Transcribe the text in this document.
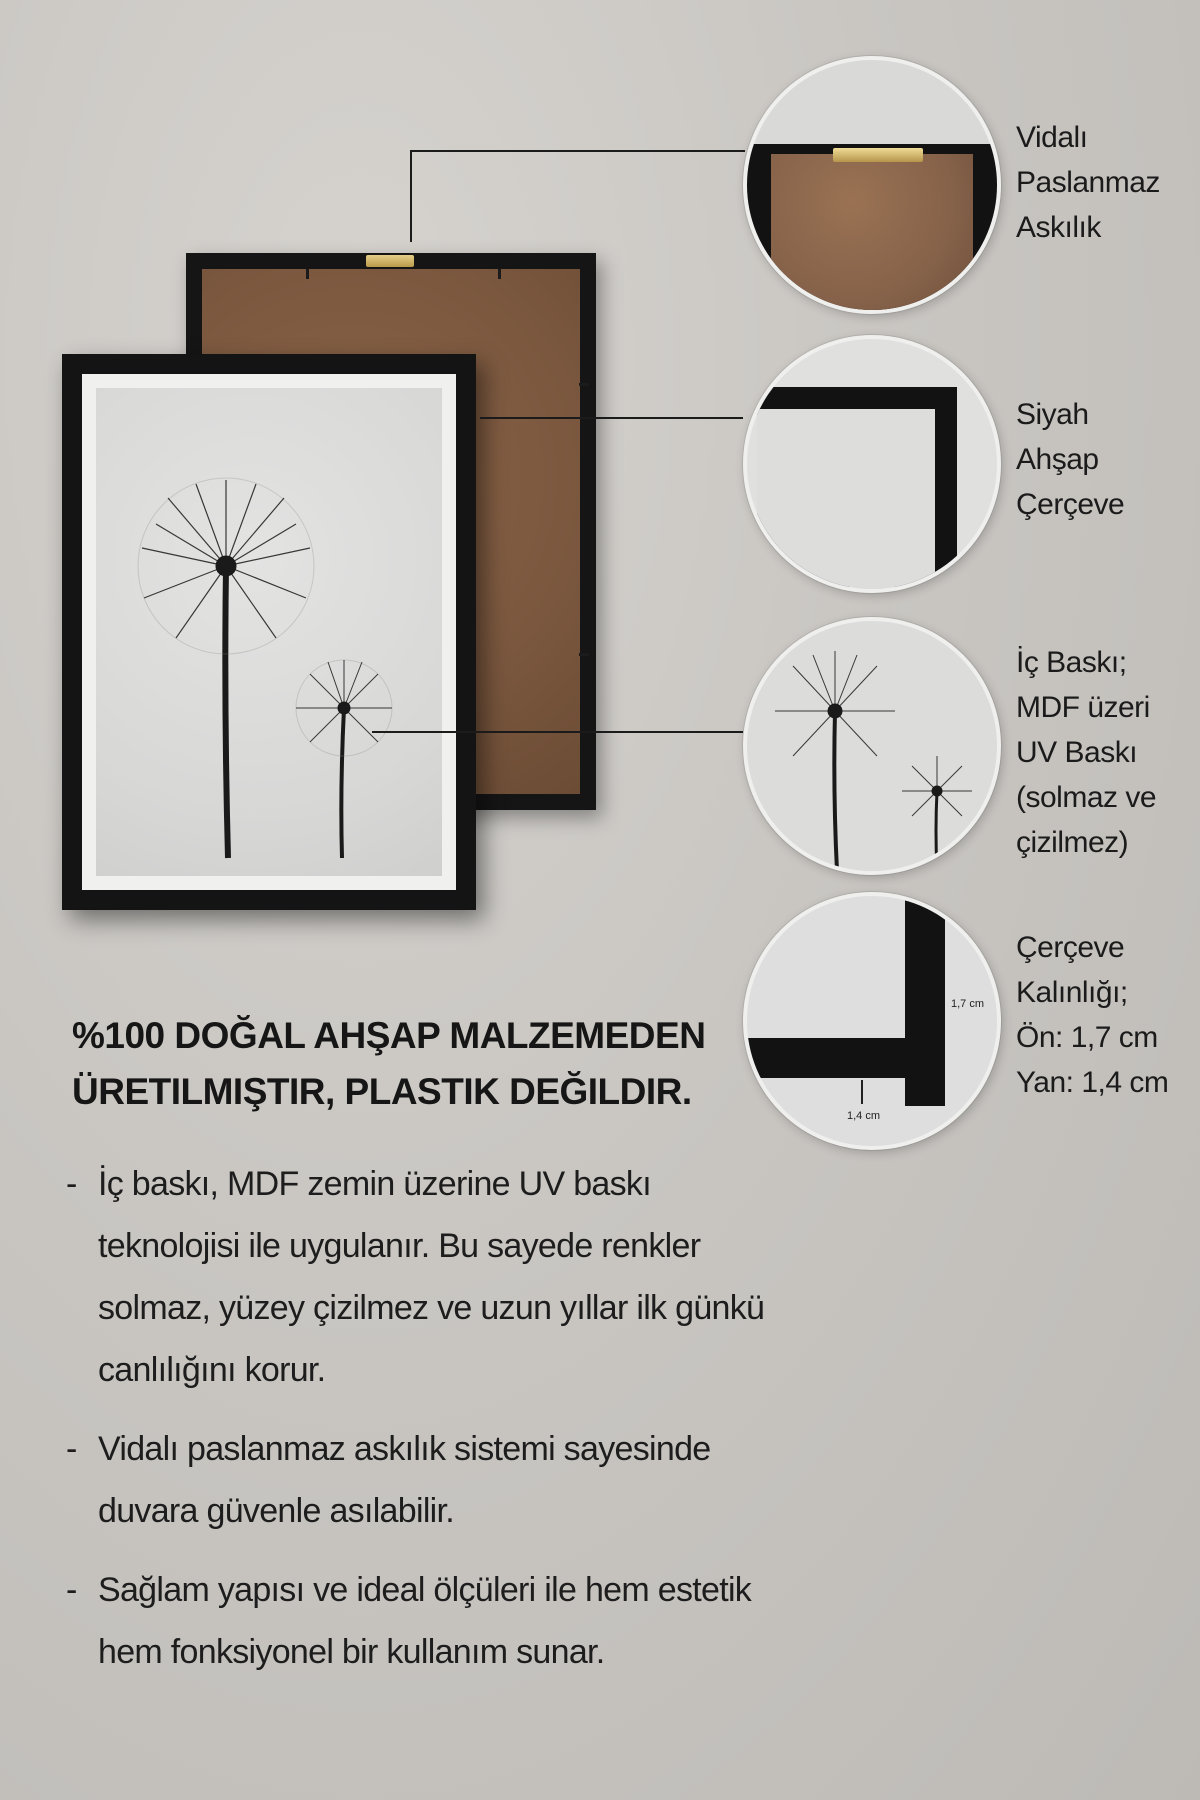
1,7 cm
1,4 cm
Vidalı
Paslanmaz
Askılık
Siyah
Ahşap
Çerçeve
İç Baskı;
MDF üzeri
UV Baskı
(solmaz ve
çizilmez)
Çerçeve
Kalınlığı;
Ön: 1,7 cm
Yan: 1,4 cm
%100 DOĞAL AHŞAP MALZEMEDEN
ÜRETILMIŞTIR, PLASTIK DEĞILDIR.
- İç baskı, MDF zemin üzerine UV baskı teknolojisi ile uygulanır. Bu sayede renkler solmaz, yüzey çizilmez ve uzun yıllar ilk günkü canlılığını korur.
- Vidalı paslanmaz askılık sistemi sayesinde duvara güvenle asılabilir.
- Sağlam yapısı ve ideal ölçüleri ile hem estetik hem fonksiyonel bir kullanım sunar.
